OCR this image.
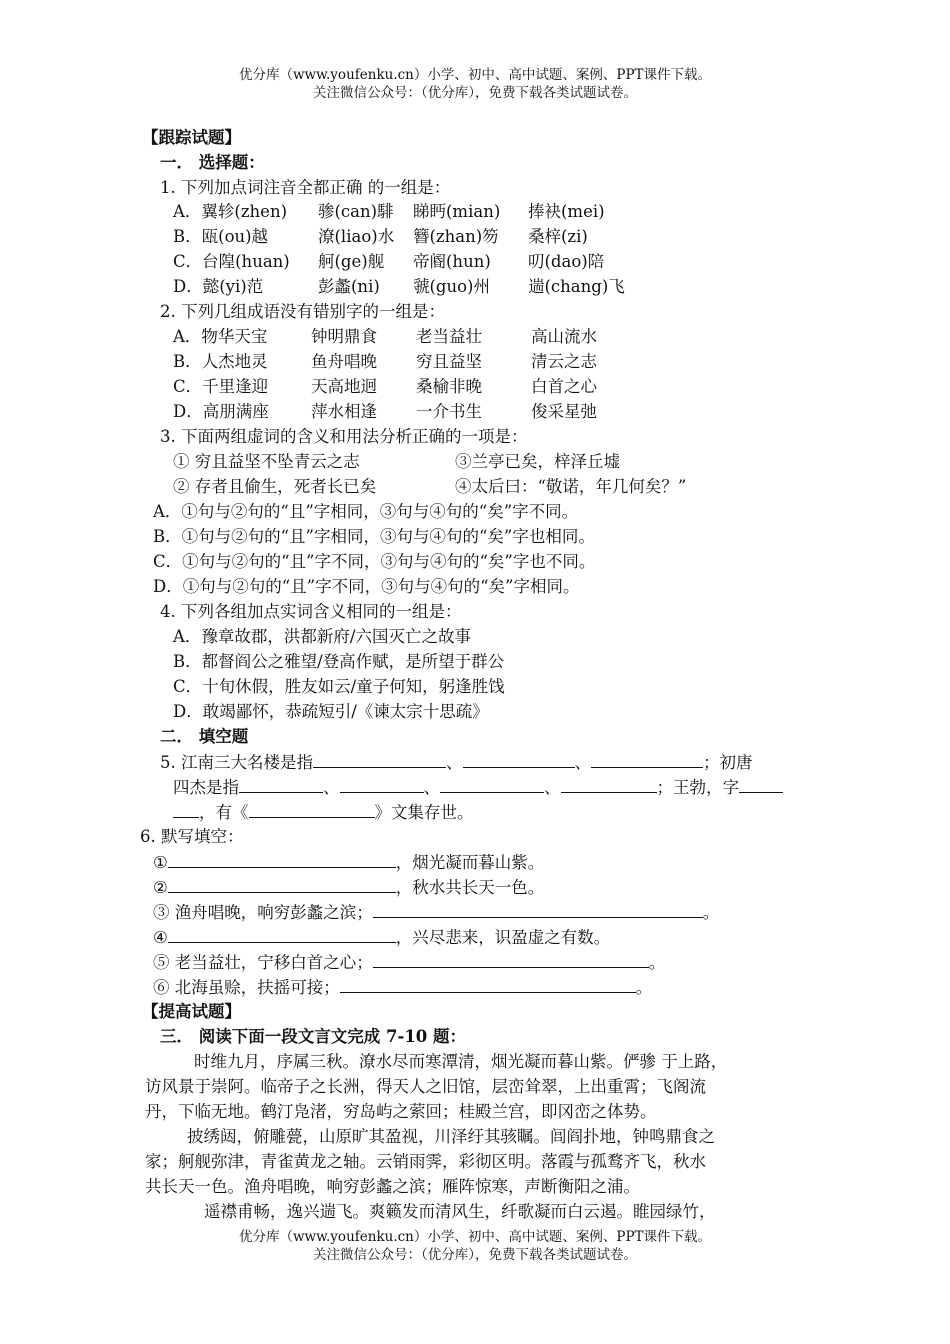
优分库（www.youfenku.cn）小学、初中、高中试题、案例、PPT课件下载。
关注微信公众号：（优分库），免费下载各类试题试卷。
【跟踪试题】
一． 选择题：
1. 下列加点词注音全都正确 的一组是：
A．翼轸(zhen) 骖(can)騑 睇眄(mian) 捧袂(mei)
B．瓯(ou)越	潦(liao)水 簪(zhan)笏 桑梓(zi)
C．台隍(huan) 舸(ge)舰 帝阍(hun) 叨(dao)陪
D．懿(yi)范	彭蠡(ni) 虢(guo)州 遄(chang)飞
2. 下列几组成语没有错别字的一组是：
A．物华天宝	钟明鼎食 老当益壮	高山流水
B．人杰地灵	鱼舟唱晚 穷且益坚	清云之志
C．千里逢迎	天高地迥 桑榆非晚	白首之心
D．高朋满座	萍水相逢 一介书生	俊采星弛
3. 下面两组虚词的含义和用法分析正确的一项是：
① 穷且益坚不坠青云之志	③兰亭已矣，梓泽丘墟
② 存者且偷生，死者长已矣	④太后曰：“敬诺，年几何矣？”
A．①句与②句的“且”字相同，③句与④句的“矣”字不同。
B．①句与②句的“且”字相同，③句与④句的“矣”字也相同。
C．①句与②句的“且”字不同，③句与④句的“矣”字也不同。
D．①句与②句的“且”字不同，③句与④句的“矣”字相同。
4. 下列各组加点实词含义相同的一组是：
A．豫章故郡，洪都新府/六国灭亡之故事
B．都督阎公之雅望/登高作赋，是所望于群公
C．十旬休假，胜友如云/童子何知，躬逢胜饯
D．敢竭鄙怀，恭疏短引/《谏太宗十思疏》
二． 填空题
5. 江南三大名楼是指	、	、	；初唐
四杰是指	、	、	、	；王勃，字
，有《	》文集存世。
6. 默写填空：
①	，烟光凝而暮山紫。
②	，秋水共长天一色。
③ 渔舟唱晚，响穷彭蠡之滨；	。
④	，兴尽悲来，识盈虚之有数。
⑤ 老当益壮，宁移白首之心；	。
⑥ 北海虽赊，扶摇可接；	。
【提高试题】
三． 阅读下面一段文言文完成 7-10 题：
时维九月，序属三秋。潦水尽而寒潭清，烟光凝而暮山紫。俨骖 于上路，
访风景于崇阿。临帝子之长洲，得天人之旧馆，层峦耸翠，上出重霄；飞阁流
丹，下临无地。鹤汀凫渚，穷岛屿之萦回；桂殿兰宫，即冈峦之体势。
披绣闼，俯雕甍，山原旷其盈视，川泽纡其骇瞩。闾阎扑地，钟鸣鼎食之
家；舸舰弥津，青雀黄龙之轴。云销雨霁，彩彻区明。落霞与孤鹜齐飞，秋水
共长天一色。渔舟唱晚，响穷彭蠡之滨；雁阵惊寒，声断衡阳之浦。
遥襟甫畅，逸兴遄飞。爽籁发而清风生，纤歌凝而白云遏。睢园绿竹，
优分库（www.youfenku.cn）小学、初中、高中试题、案例、PPT课件下载。
关注微信公众号：（优分库），免费下载各类试题试卷。
